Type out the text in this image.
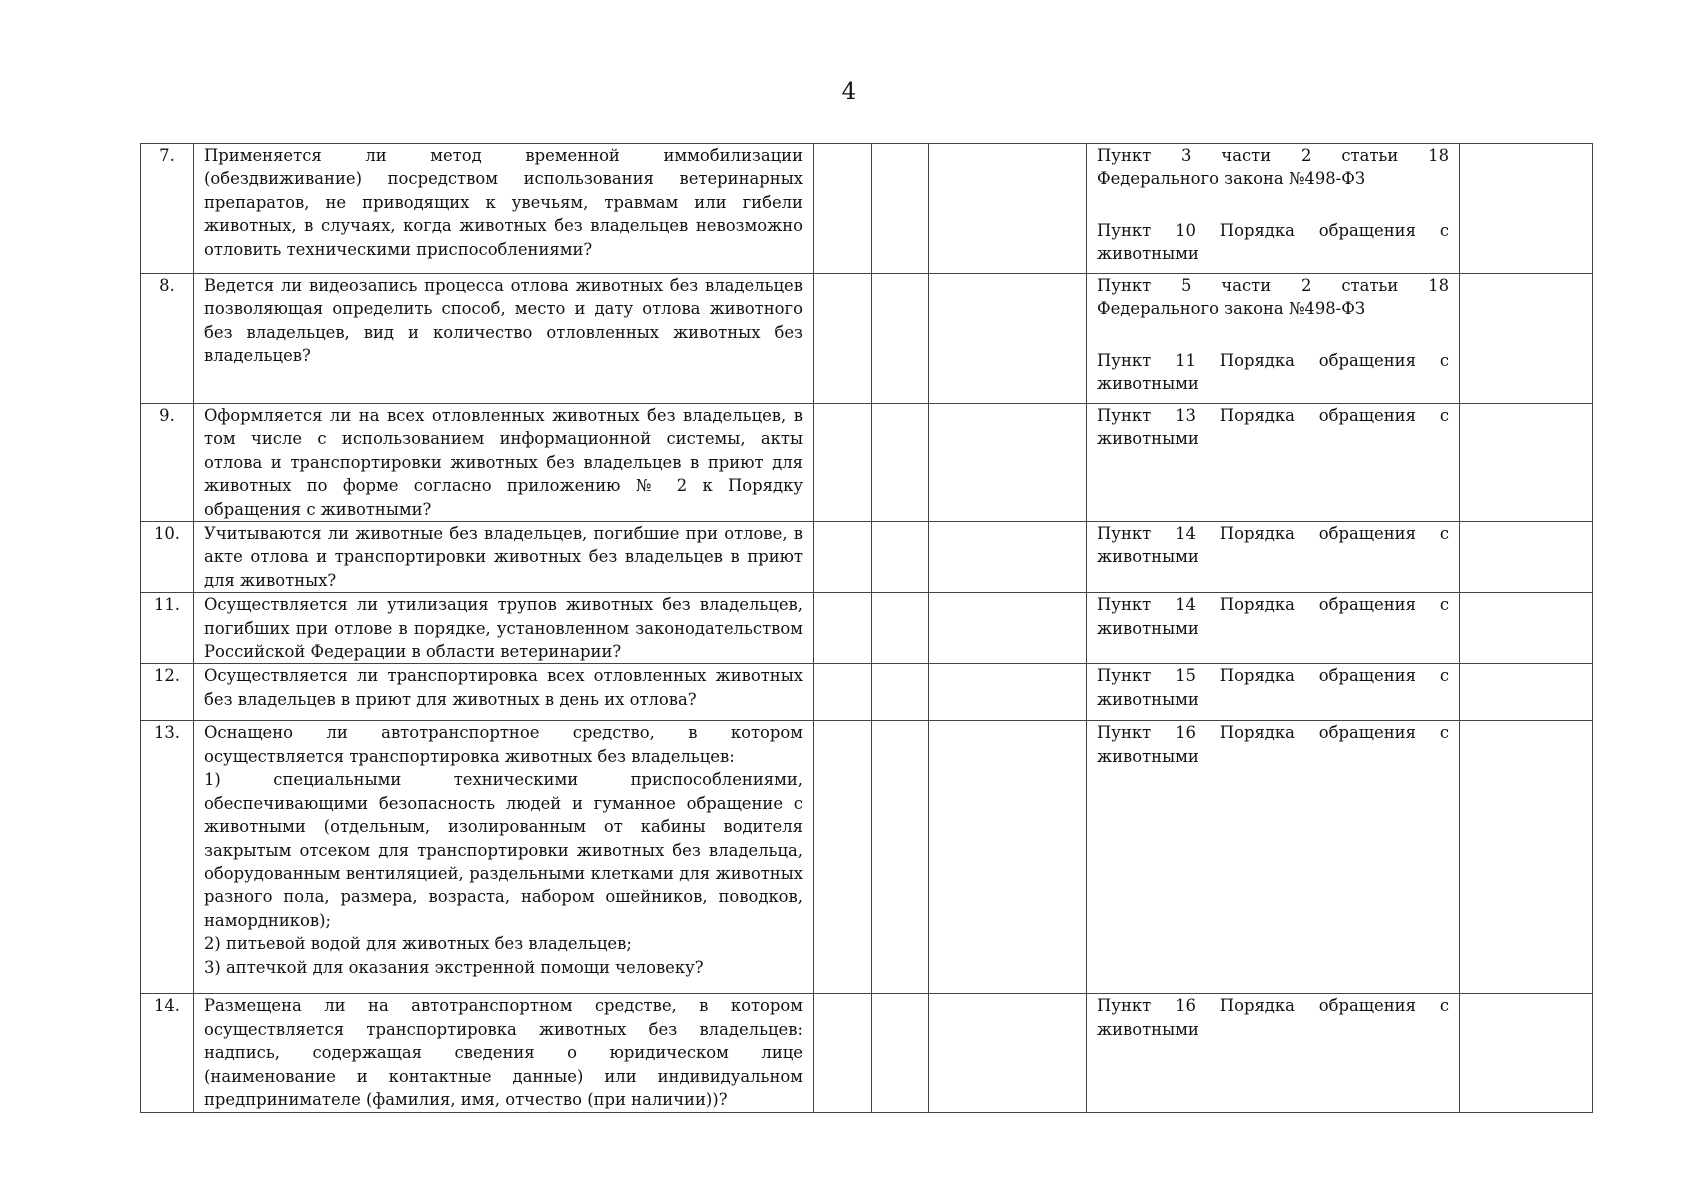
4
7.	Применяется ли метод временной иммобилизации (обездвиживание) посредством использования ветеринарных препаратов, не приводящих к увечьям, травмам или гибели животных, в случаях, когда животных без владельцев невозможно отловить техническими приспособлениями?				Пункт 3 части 2 статьи 18 Федерального закона №498-ФЗ
Пункт 10 Порядка обращения с животными	

8.	Ведется ли видеозапись процесса отлова животных без владельцев позволяющая определить способ, место и дату отлова животного без владельцев, вид и количество отловленных животных без владельцев?				Пункт 5 части 2 статьи 18 Федерального закона №498-ФЗ
Пункт 11 Порядка обращения с животными	

9.	Оформляется ли на всех отловленных животных без владельцев, в том числе с использованием информационной системы, акты отлова и транспортировки животных без владельцев в приют для животных по форме согласно приложению № 2 к Порядку обращения с животными?				Пункт 13 Порядка обращения с животными	

10.	Учитываются ли животные без владельцев, погибшие при отлове, в акте отлова и транспортировки животных без владельцев в приют для животных?				Пункт 14 Порядка обращения с животными	

11.	Осуществляется ли утилизация трупов животных без владельцев, погибших при отлове в порядке, установленном законодательством Российской Федерации в области ветеринарии?				Пункт 14 Порядка обращения с животными	

12.	Осуществляется ли транспортировка всех отловленных животных без владельцев в приют для животных в день их отлова?				Пункт 15 Порядка обращения с животными	

13.	Оснащено ли автотранспортное средство, в котором осуществляется транспортировка животных без владельцев:
1) специальными техническими приспособлениями, обеспечивающими безопасность людей и гуманное обращение с животными (отдельным, изолированным от кабины водителя закрытым отсеком для транспортировки животных без владельца, оборудованным вентиляцией, раздельными клетками для животных разного пола, размера, возраста, набором ошейников, поводков, намордников);
2) питьевой водой для животных без владельцев;
3) аптечкой для оказания экстренной помощи человеку?				Пункт 16 Порядка обращения с животными	

14.	Размещена ли на автотранспортном средстве, в котором осуществляется транспортировка животных без владельцев: надпись, содержащая сведения о юридическом лице (наименование и контактные данные) или индивидуальном предпринимателе (фамилия, имя, отчество (при наличии))?				Пункт 16 Порядка обращения с животными	
